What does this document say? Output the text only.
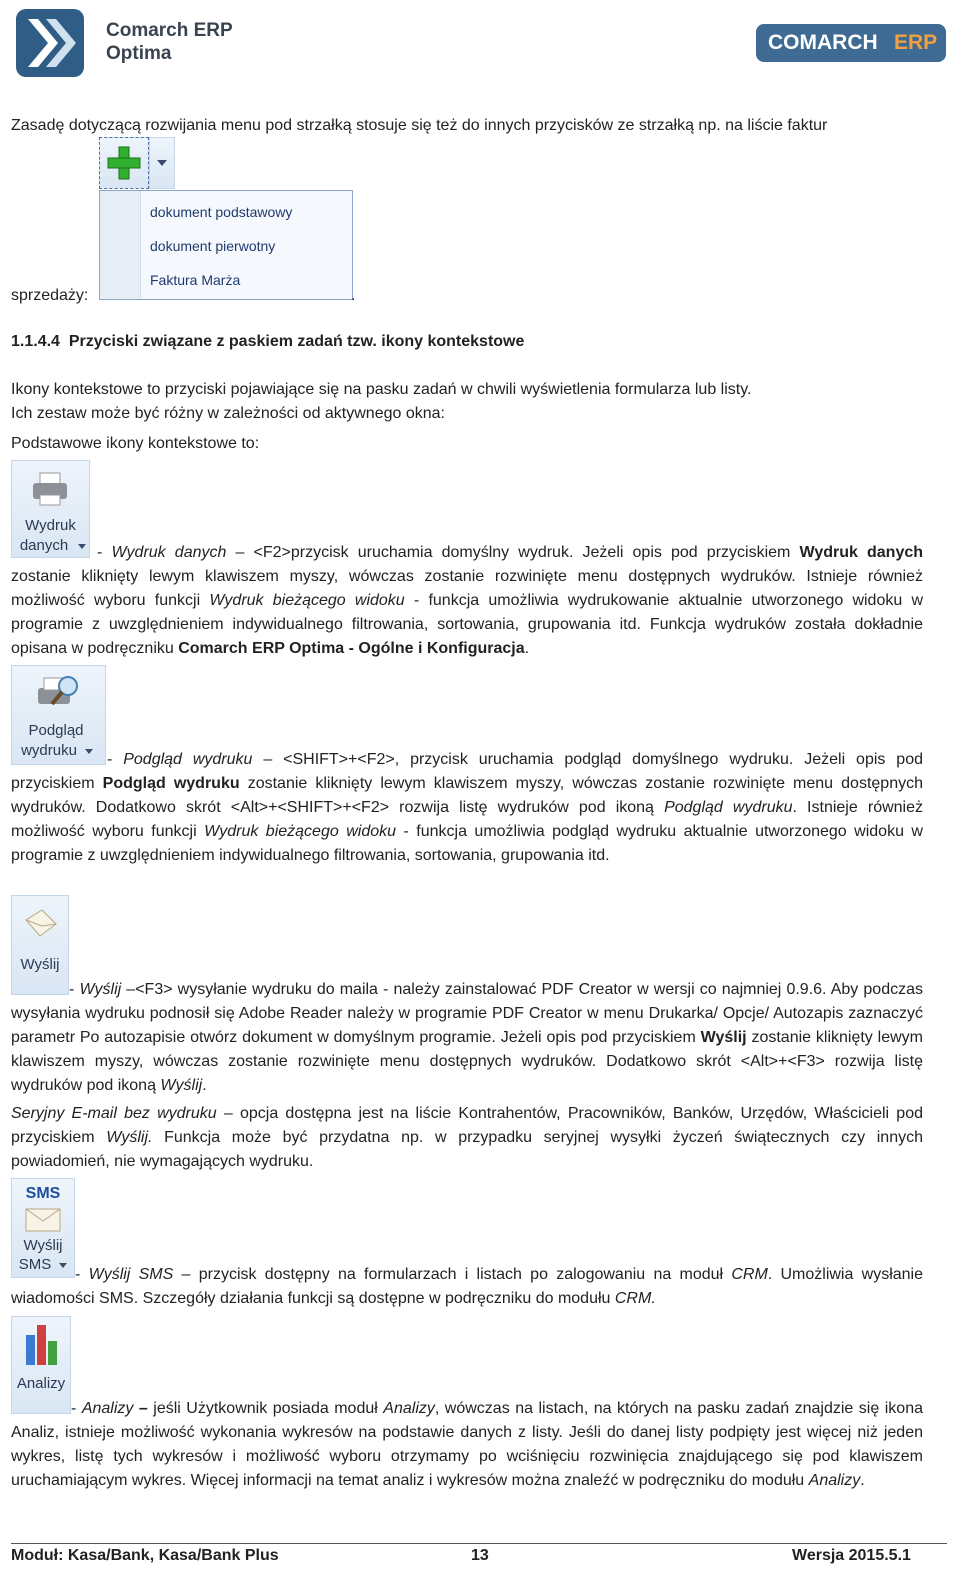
Comarch ERP
Optima	COMARCH ERP
Zasadę dotyczącą rozwijania menu pod strzałką stosuje się też do innych przycisków ze strzałką np. na liście faktur
dokument podstawowy
dokument pierwotny
Faktura Marża
sprzedaży:	.
1.1.4.4  Przyciski związane z paskiem zadań tzw. ikony kontekstowe
Ikony kontekstowe to przyciski pojawiające się na pasku zadań w chwili wyświetlenia formularza lub listy.
Ich zestaw może być różny w zależności od aktywnego okna:
Podstawowe ikony kontekstowe to:
Wydruk
danych	- Wydruk danych – <F2>przycisk uruchamia domyślny wydruk. Jeżeli opis pod przyciskiem Wydruk danych zostanie kliknięty lewym klawiszem myszy, wówczas zostanie rozwinięte menu dostępnych wydruków. Istnieje również możliwość wyboru funkcji Wydruk bieżącego widoku - funkcja umożliwia wydrukowanie aktualnie utworzonego widoku w programie z uwzględnieniem indywidualnego filtrowania, sortowania, grupowania itd. Funkcja wydruków została dokładnie opisana w podręczniku Comarch ERP Optima - Ogólne i Konfiguracja.
Podgląd
wydruku
- Podgląd wydruku – <SHIFT>+<F2>, przycisk uruchamia podgląd domyślnego wydruku. Jeżeli opis pod przyciskiem Podgląd wydruku zostanie kliknięty lewym klawiszem myszy, wówczas zostanie rozwinięte menu dostępnych wydruków. Dodatkowo skrót <Alt>+<SHIFT>+<F2> rozwija listę wydruków pod ikoną Podgląd wydruku. Istnieje również możliwość wyboru funkcji Wydruk bieżącego widoku - funkcja umożliwia podgląd wydruku aktualnie utworzonego widoku w programie z uwzględnieniem indywidualnego filtrowania, sortowania, grupowania itd.
Wyślij
- Wyślij –<F3> wysyłanie wydruku do maila - należy zainstalować PDF Creator w wersji co najmniej 0.9.6. Aby podczas wysyłania wydruku podnosił się Adobe Reader należy w programie PDF Creator w menu Drukarka/ Opcje/ Autozapis zaznaczyć parametr Po autozapisie otwórz dokument w domyślnym programie. Jeżeli opis pod przyciskiem Wyślij zostanie kliknięty lewym klawiszem myszy, wówczas zostanie rozwinięte menu dostępnych wydruków. Dodatkowo skrót <Alt>+<F3> rozwija listę wydruków pod ikoną Wyślij.
Seryjny E-mail bez wydruku – opcja dostępna jest na liście Kontrahentów, Pracowników, Banków, Urzędów, Właścicieli pod przyciskiem Wyślij. Funkcja może być przydatna np. w przypadku seryjnej wysyłki życzeń świątecznych czy innych powiadomień, nie wymagających wydruku.
SMS
Wyślij
SMS
- Wyślij SMS – przycisk dostępny na formularzach i listach po zalogowaniu na moduł CRM. Umożliwia wysłanie wiadomości SMS. Szczegóły działania funkcji są dostępne w podręczniku do modułu CRM.
Analizy
- Analizy – jeśli Użytkownik posiada moduł Analizy, wówczas na listach, na których na pasku zadań znajdzie się ikona Analiz, istnieje możliwość wykonania wykresów na podstawie danych z listy. Jeśli do danej listy podpięty jest więcej niż jeden wykres, listę tych wykresów i możliwość wyboru otrzymamy po wciśnięciu rozwinięcia znajdującego się pod klawiszem uruchamiającym wykres. Więcej informacji na temat analiz i wykresów można znaleźć w podręczniku do modułu Analizy.
Moduł: Kasa/Bank, Kasa/Bank Plus	13	Wersja 2015.5.1
